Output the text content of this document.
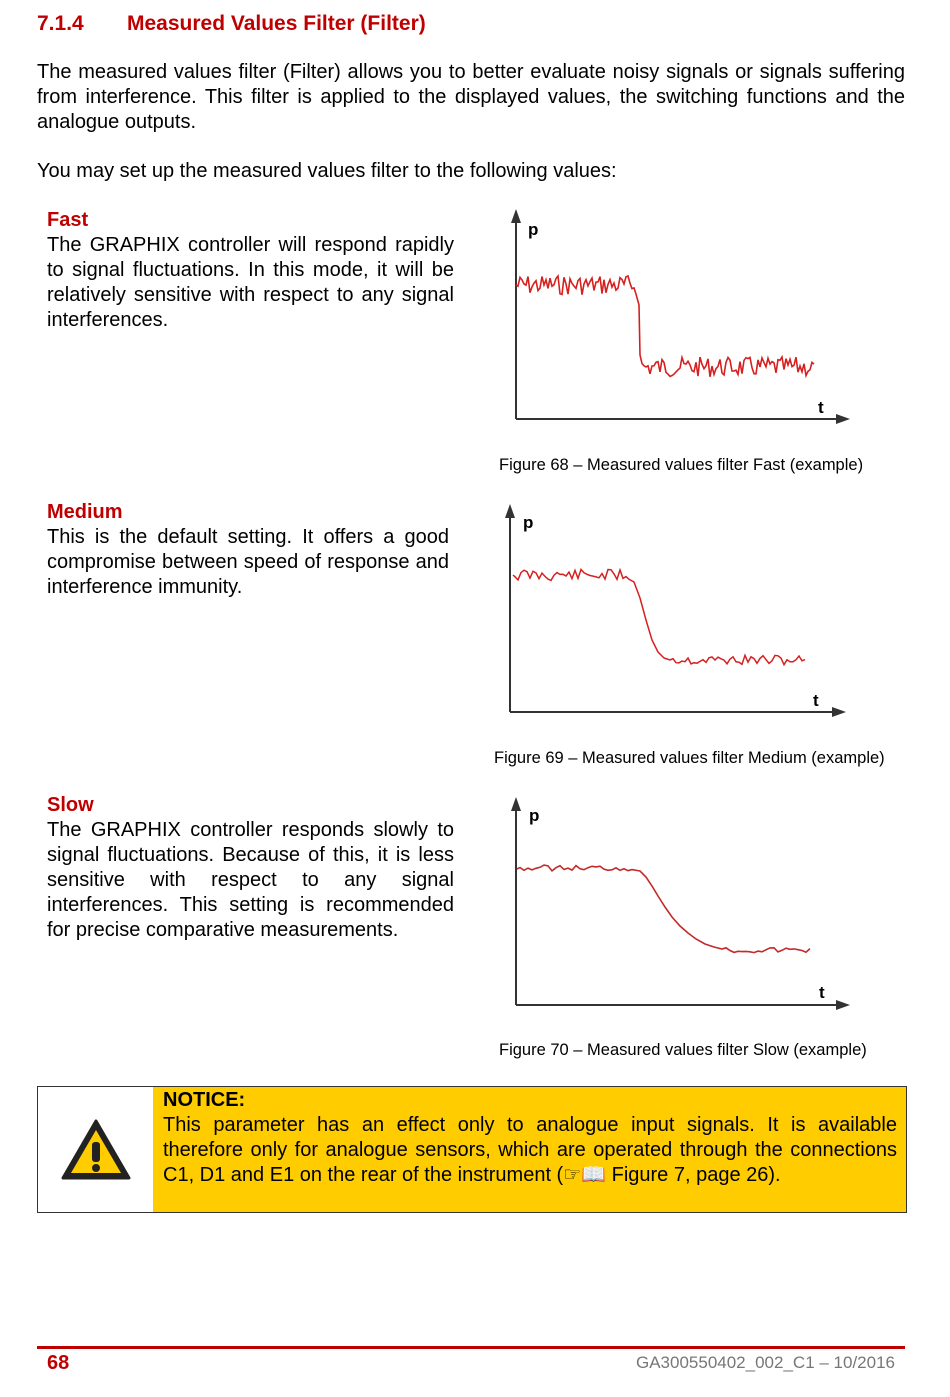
7.1.4 Measured Values Filter (Filter)
The measured values filter (Filter) allows you to better evaluate noisy signals or signals suffering from interference. This filter is applied to the displayed values, the switching functions and the analogue outputs.
You may set up the measured values filter to the following values:
Fast

The GRAPHIX controller will respond rapidly to signal fluctuations. In this mode, it will be relatively sensitive with respect to any signal interferences.

Medium

This is the default setting. It offers a good compromise between speed of response and interference immunity.

Slow

The GRAPHIX controller responds slowly to signal fluctuations. Because of this, it is less sensitive with respect to any signal interferences. This setting is recommended for precise comparative measurements.

p
t
Figure 68 – Measured values filter Fast (example)
p
t
Figure 69 – Measured values filter Medium (example)
p
t
Figure 70 – Measured values filter Slow (example)
NOTICE:

This parameter has an effect only to analogue input signals. It is available therefore only for analogue sensors, which are operated through the connections C1, D1 and E1 on the rear of the instrument (☞📖 Figure 7, page 26).

68	GA300550402_002_C1 – 10/2016
